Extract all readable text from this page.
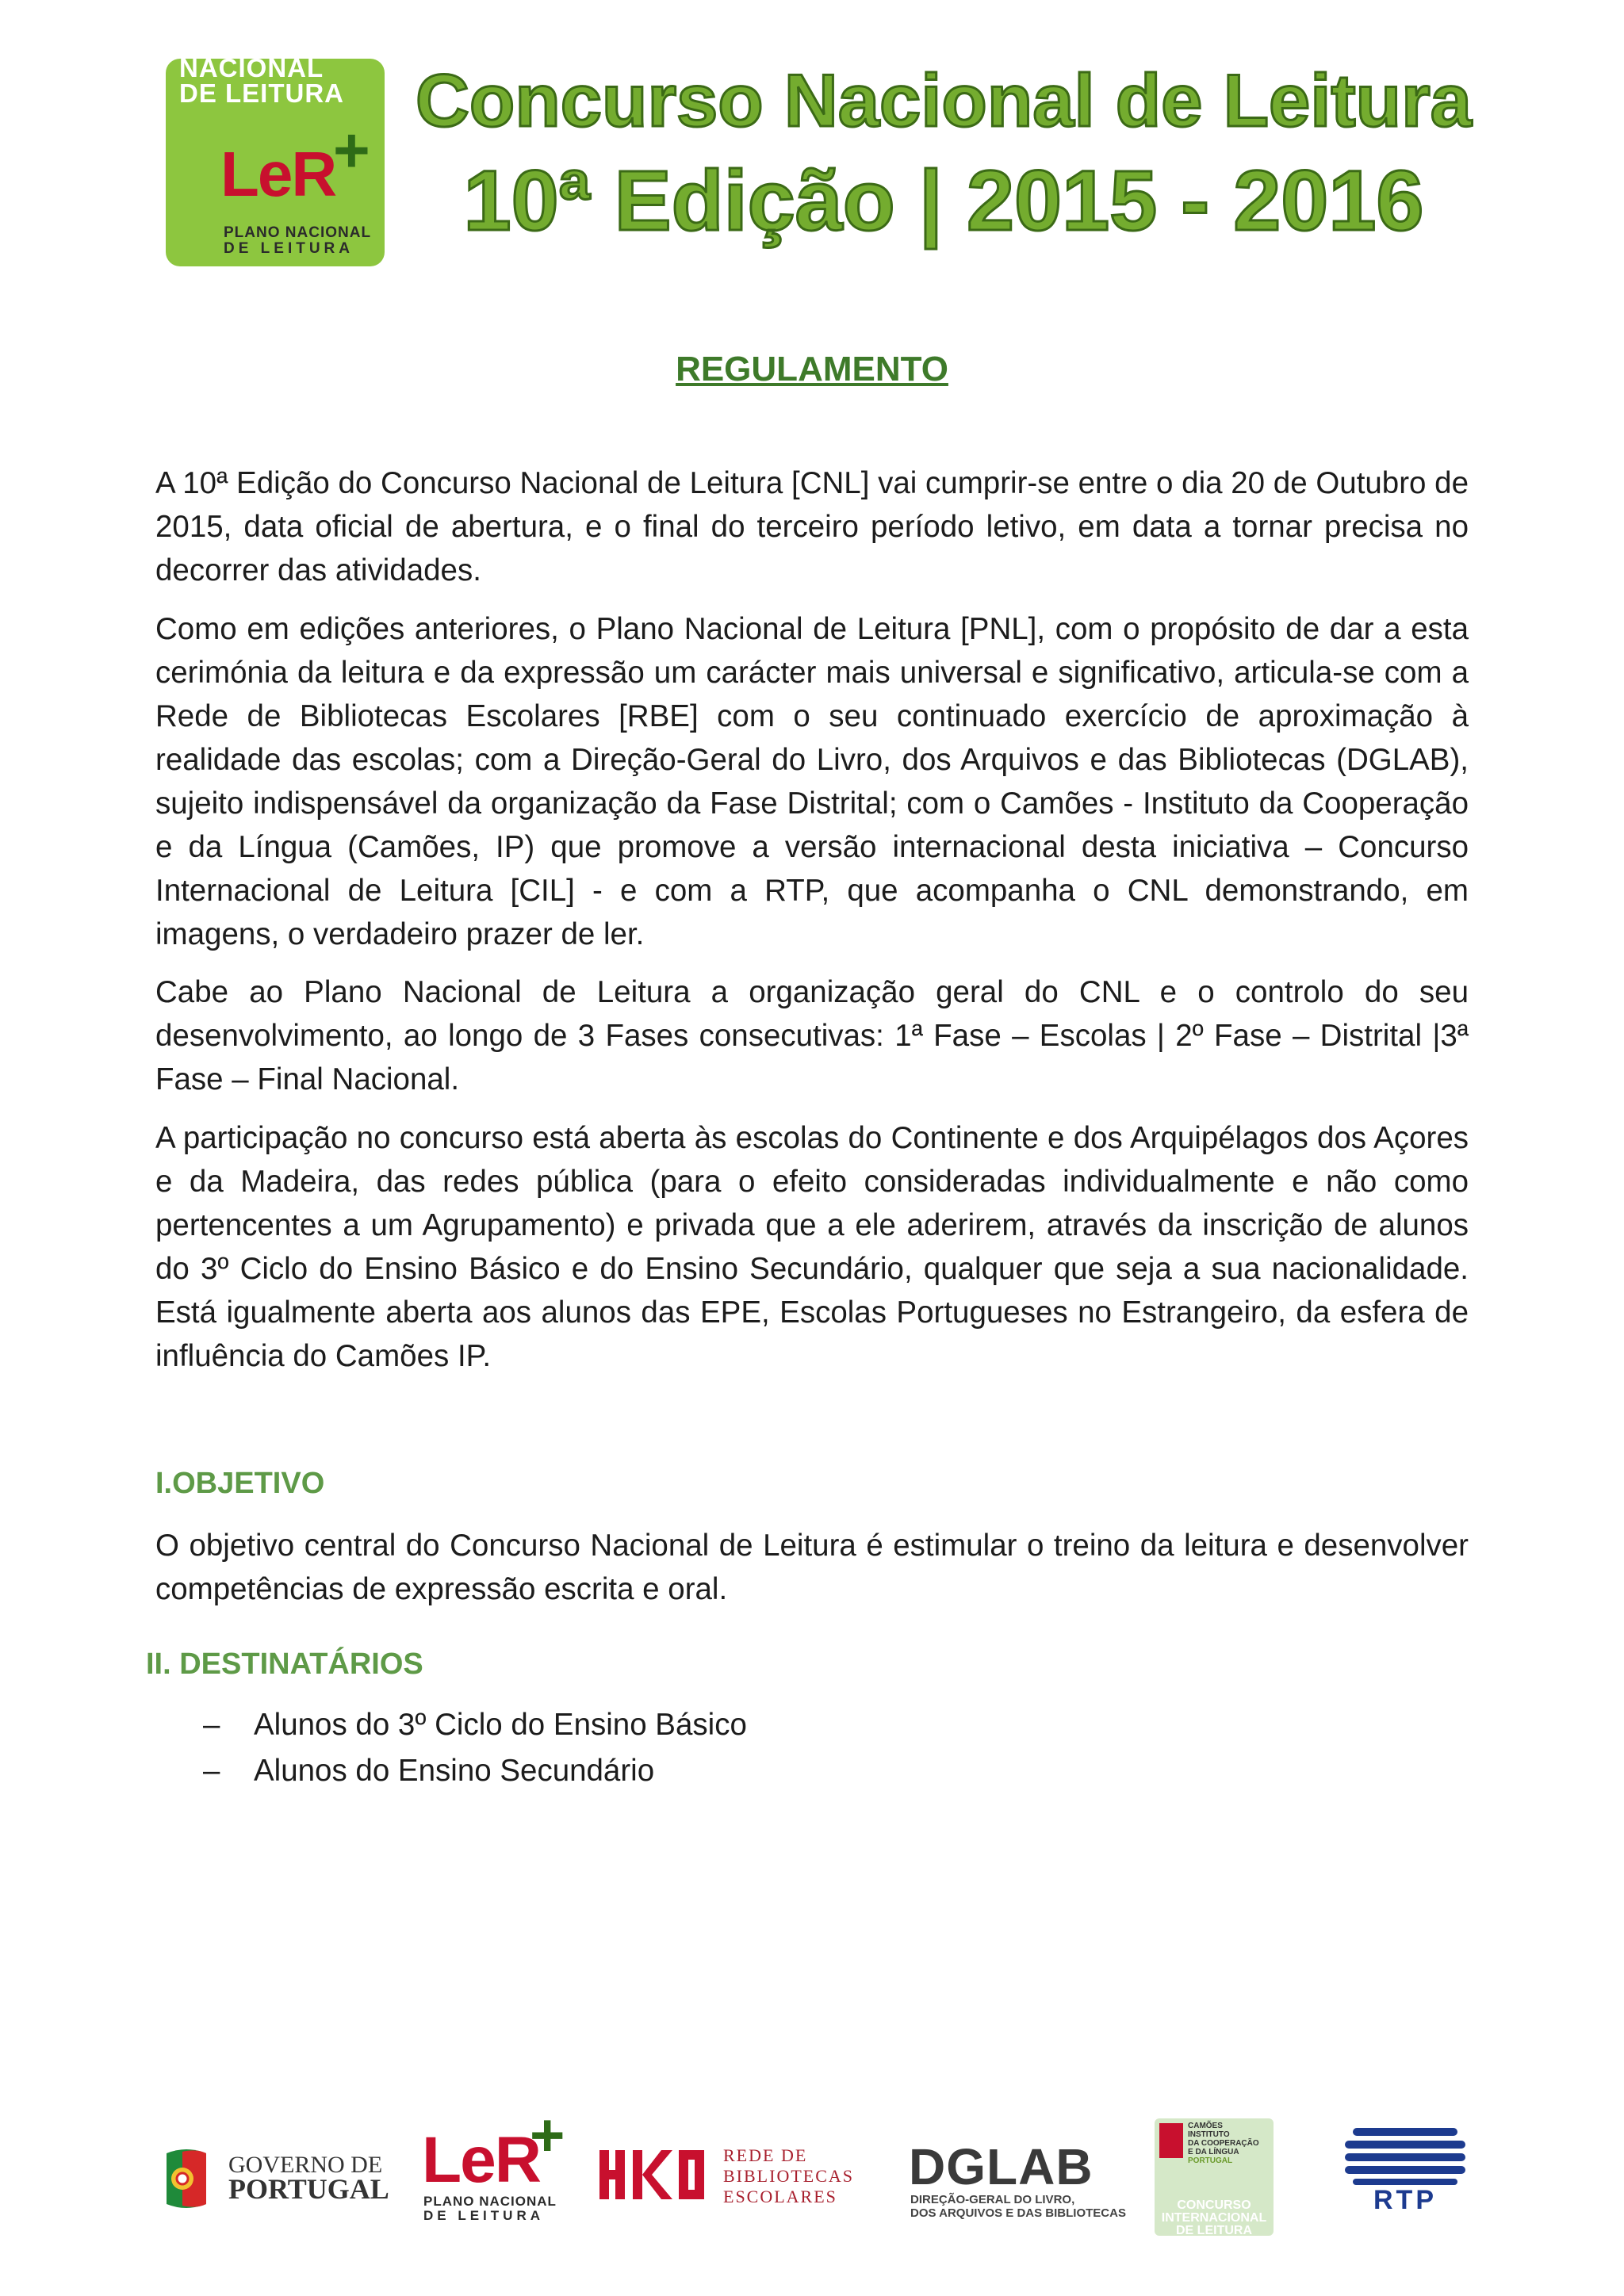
CONCURSO
NACIONAL
DE LEITURA
LeR
+
PLANO NACIONAL
DE LEITURA
Concurso Nacional de Leitura
10ª Edição | 2015 - 2016
REGULAMENTO

A 10ª Edição do Concurso Nacional de Leitura [CNL] vai cumprir-se entre o dia 20 de Outubro de 2015, data oficial de abertura, e o final do terceiro período letivo, em data a tornar precisa no decorrer das atividades.

Como em edições anteriores, o Plano Nacional de Leitura [PNL], com o propósito de dar a esta cerimónia da leitura e da expressão um carácter mais universal e significativo, articula-se com a Rede de Bibliotecas Escolares [RBE] com o seu continuado exercício de aproximação à realidade das escolas; com a Direção-Geral do Livro, dos Arquivos e das Bibliotecas (DGLAB), sujeito indispensável da organização da Fase Distrital; com o Camões - Instituto da Cooperação e da Língua (Camões, IP) que promove a versão internacional desta iniciativa – Concurso Internacional de Leitura [CIL] - e com a RTP, que acompanha o CNL demonstrando, em imagens, o verdadeiro prazer de ler.

Cabe ao Plano Nacional de Leitura a organização geral do CNL e o controlo do seu desenvolvimento, ao longo de 3 Fases consecutivas: 1ª Fase – Escolas | 2º Fase – Distrital |3ª Fase – Final Nacional.

A participação no concurso está aberta às escolas do Continente e dos Arquipélagos dos Açores e da Madeira, das redes pública (para o efeito consideradas individualmente e não como pertencentes a um Agrupamento) e privada que a ele aderirem, através da inscrição de alunos do 3º Ciclo do Ensino Básico e do Ensino Secundário, qualquer que seja a sua nacionalidade. Está igualmente aberta aos alunos das EPE, Escolas Portugueses no Estrangeiro, da esfera de influência do Camões IP.

I.OBJETIVO

O objetivo central do Concurso Nacional de Leitura é estimular o treino da leitura e desenvolver competências de expressão escrita e oral.

II. DESTINATÁRIOS
– Alunos do 3º Ciclo do Ensino Básico
– Alunos do Ensino Secundário
GOVERNO DE
PORTUGAL LeR
+
PLANO NACIONAL
DE LEITURA
REDE DE
BIBLIOTECAS
ESCOLARES
DGLAB
DIREÇÃO-GERAL DO LIVRO,
DOS ARQUIVOS E DAS BIBLIOTECAS
CAMÕES
INSTITUTO
DA COOPERAÇÃO
E DA LÍNGUA
PORTUGAL
CONCURSO
INTERNACIONAL
DE LEITURA
RTP
